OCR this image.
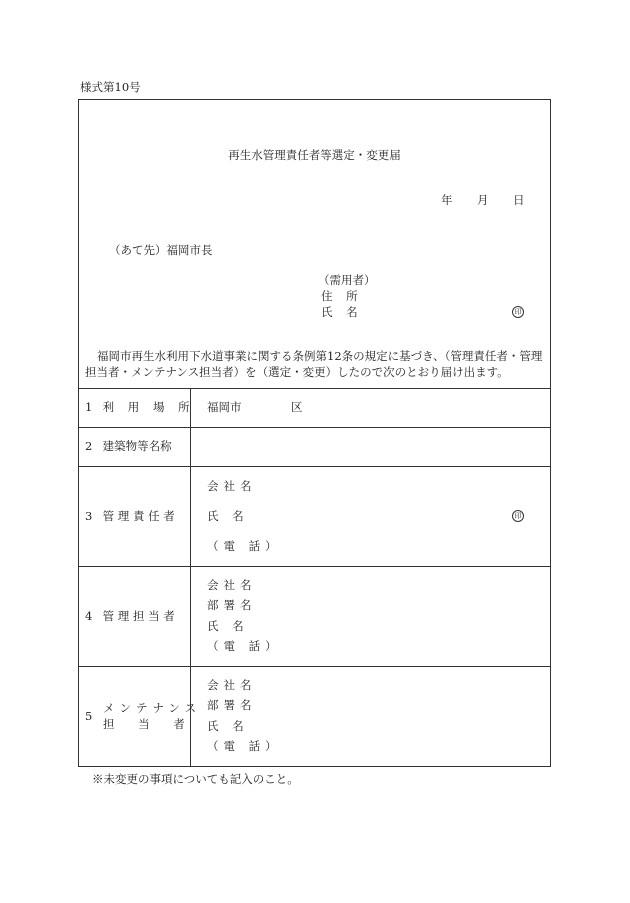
様式第10号
再生水管理責任者等選定・変更届
年 月 日
（あて先）福岡市長
（需用者）
住 所
氏 名	印
福岡市再生水利用下水道事業に関する条例第12条の規定に基づき、（管理責任者・管理担当者・メンテナンス担当者）を（選定・変更）したので次のとおり届け出ます。
1 利 用 場 所 福岡市	区
2 建築物等名称
3 管 理 責 任 者
会社名
氏 名	印
（電 話）
4 管 理 担 当 者
会社名
部署名
氏 名
（電 話）
5
メンテナンス
担 当 者
会社名
部署名
氏 名
（電 話）
※未変更の事項についても記入のこと。
